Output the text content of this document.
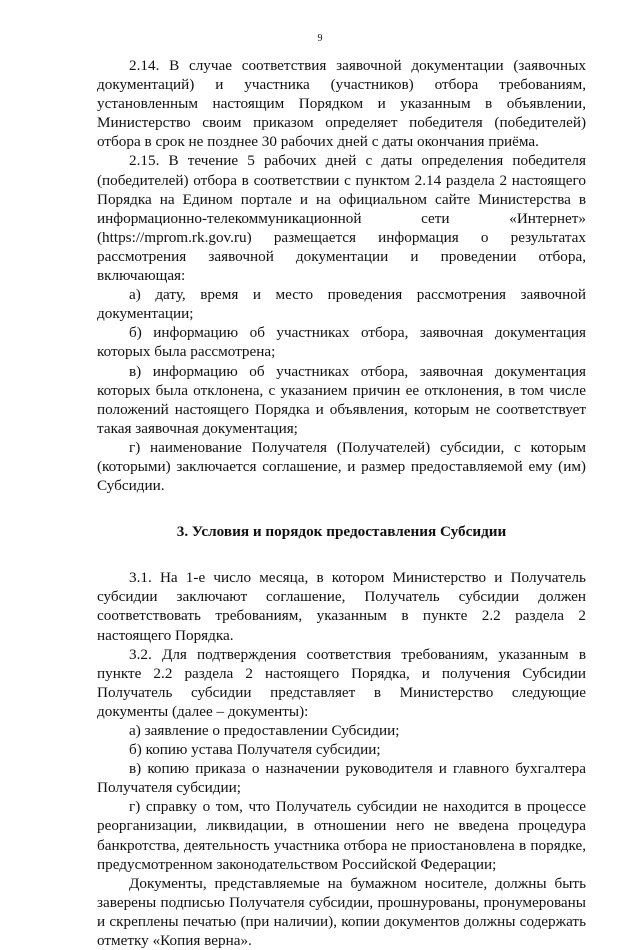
9

2.14. В случае соответствия заявочной документации (заявочных документаций) и участника (участников) отбора требованиям, установленным настоящим Порядком и указанным в объявлении, Министерство своим приказом определяет победителя (победителей) отбора в срок не позднее 30 рабочих дней с даты окончания приёма.

2.15. В течение 5 рабочих дней с даты определения победителя (победителей) отбора в соответствии с пунктом 2.14 раздела 2 настоящего Порядка на Едином портале и на официальном сайте Министерства в информационно-телекоммуникационной сети «Интернет» (https://mprom.rk.gov.ru) размещается информация о результатах рассмотрения заявочной документации и проведении отбора, включающая:

а) дату, время и место проведения рассмотрения заявочной документации;

б) информацию об участниках отбора, заявочная документация которых была рассмотрена;

в) информацию об участниках отбора, заявочная документация которых была отклонена, с указанием причин ее отклонения, в том числе положений настоящего Порядка и объявления, которым не соответствует такая заявочная документация;

г) наименование Получателя (Получателей) субсидии, с которым (которыми) заключается соглашение, и размер предоставляемой ему (им) Субсидии.

3. Условия и порядок предоставления Субсидии

3.1. На 1-е число месяца, в котором Министерство и Получатель субсидии заключают соглашение, Получатель субсидии должен соответствовать требованиям, указанным в пункте 2.2 раздела 2 настоящего Порядка.

3.2. Для подтверждения соответствия требованиям, указанным в пункте 2.2 раздела 2 настоящего Порядка, и получения Субсидии Получатель субсидии представляет в Министерство следующие документы (далее – документы):

а) заявление о предоставлении Субсидии;

б) копию устава Получателя субсидии;

в) копию приказа о назначении руководителя и главного бухгалтера Получателя субсидии;

г) справку о том, что Получатель субсидии не находится в процессе реорганизации, ликвидации, в отношении него не введена процедура банкротства, деятельность участника отбора не приостановлена в порядке, предусмотренном законодательством Российской Федерации;

Документы, представляемые на бумажном носителе, должны быть заверены подписью Получателя субсидии, прошнурованы, пронумерованы и скреплены печатью (при наличии), копии документов должны содержать отметку «Копия верна».
